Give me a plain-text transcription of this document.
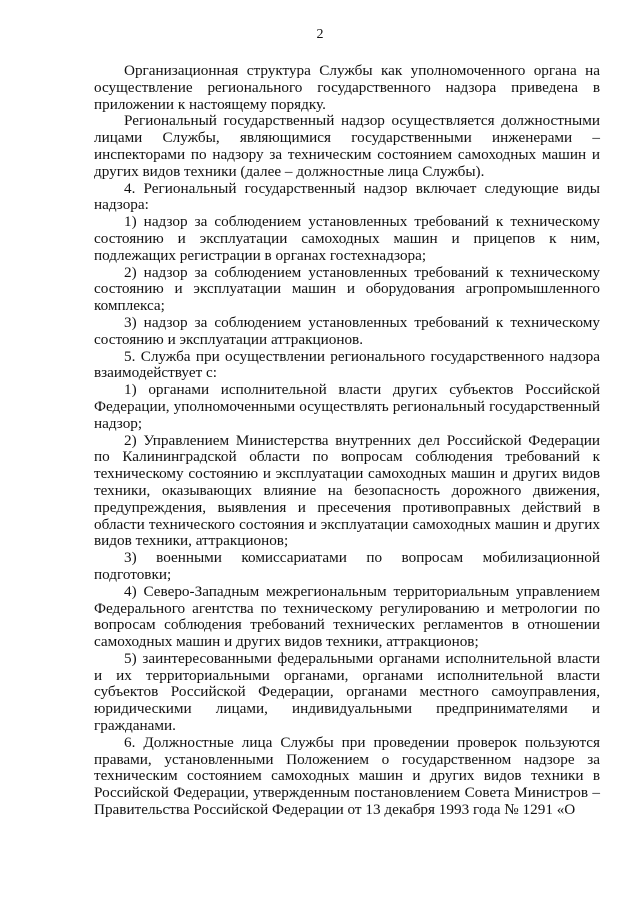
2

Организационная структура Службы как уполномоченного органа на осуществление регионального государственного надзора приведена в приложении к настоящему порядку.

Региональный государственный надзор осуществляется должностными лицами Службы, являющимися государственными инженерами – инспекторами по надзору за техническим состоянием самоходных машин и других видов техники (далее – должностные лица Службы).

4. Региональный государственный надзор включает следующие виды надзора:

1) надзор за соблюдением установленных требований к техническому состоянию и эксплуатации самоходных машин и прицепов к ним, подлежащих регистрации в органах гостехнадзора;

2) надзор за соблюдением установленных требований к техническому состоянию и эксплуатации машин и оборудования агропромышленного комплекса;

3) надзор за соблюдением установленных требований к техническому состоянию и эксплуатации аттракционов.

5. Служба при осуществлении регионального государственного надзора взаимодействует с:

1) органами исполнительной власти других субъектов Российской Федерации, уполномоченными осуществлять региональный государственный надзор;

2) Управлением Министерства внутренних дел Российской Федерации по Калининградской области по вопросам соблюдения требований к техническому состоянию и эксплуатации самоходных машин и других видов техники, оказывающих влияние на безопасность дорожного движения, предупреждения, выявления и пресечения противоправных действий в области технического состояния и эксплуатации самоходных машин и других видов техники, аттракционов;

3) военными комиссариатами по вопросам мобилизационной подготовки;

4) Северо-Западным межрегиональным территориальным управлением Федерального агентства по техническому регулированию и метрологии по вопросам соблюдения требований технических регламентов в отношении самоходных машин и других видов техники, аттракционов;

5) заинтересованными федеральными органами исполнительной власти и их территориальными органами, органами исполнительной власти субъектов Российской Федерации, органами местного самоуправления, юридическими лицами, индивидуальными предпринимателями и гражданами.

6. Должностные лица Службы при проведении проверок пользуются правами, установленными Положением о государственном надзоре за техническим состоянием самоходных машин и других видов техники в Российской Федерации, утвержденным постановлением Совета Министров – Правительства Российской Федерации от 13 декабря 1993 года № 1291 «О
